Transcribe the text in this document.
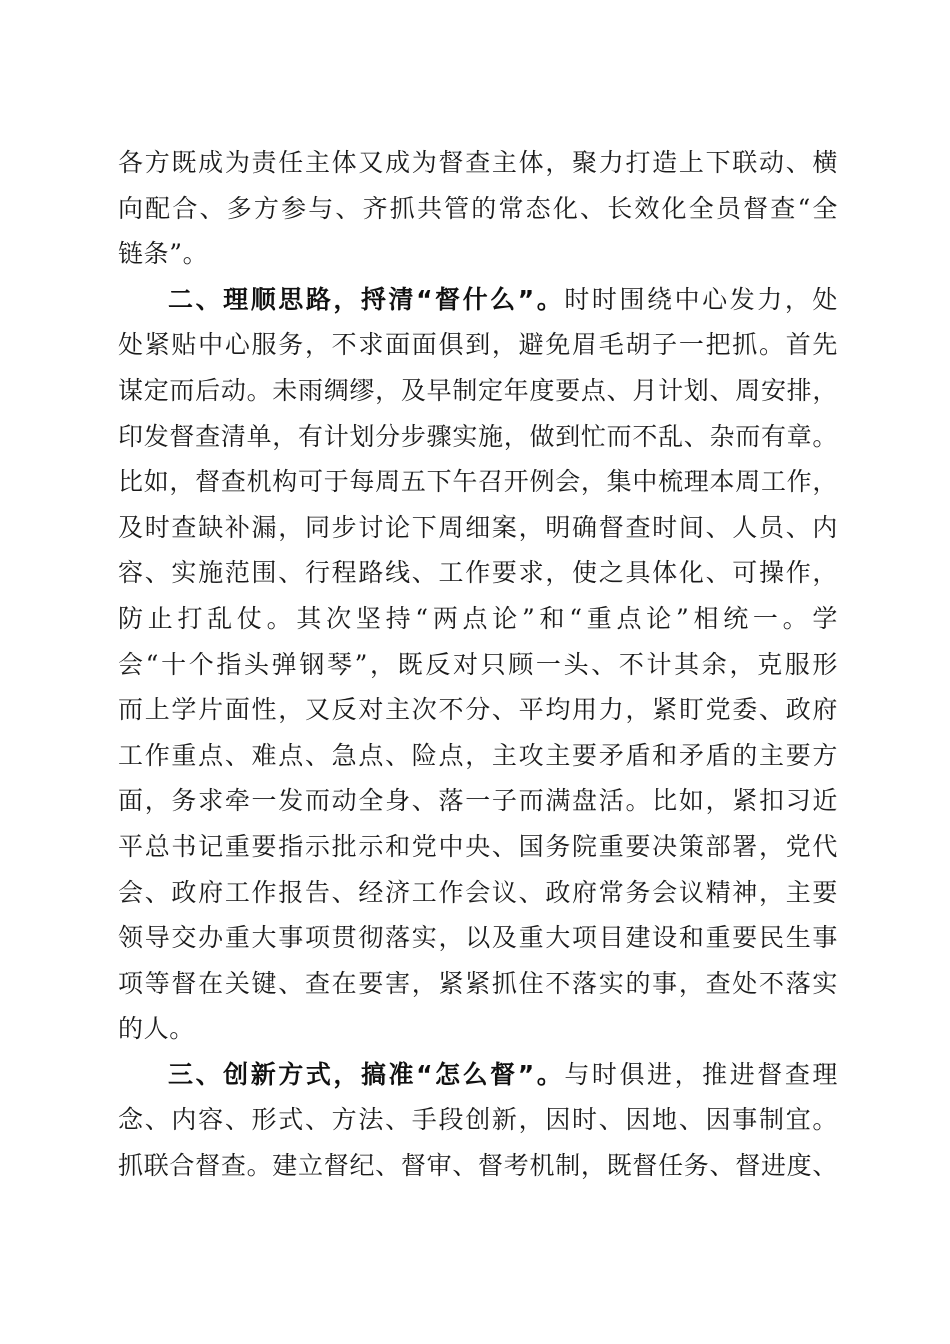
各方既成为责任主体又成为督查主体，聚力打造上下联动、横
向配合、多方参与、齐抓共管的常态化、长效化全员督查“全
链条”。
二、理顺思路，捋清“督什么”。时时围绕中心发力，处
处紧贴中心服务，不求面面俱到，避免眉毛胡子一把抓。首先
谋定而后动。未雨绸缪，及早制定年度要点、月计划、周安排，
印发督查清单，有计划分步骤实施，做到忙而不乱、杂而有章。
比如，督查机构可于每周五下午召开例会，集中梳理本周工作，
及时查缺补漏，同步讨论下周细案，明确督查时间、人员、内
容、实施范围、行程路线、工作要求，使之具体化、可操作，
防止打乱仗。其次坚持“两点论”和“重点论”相统一。学
会“十个指头弹钢琴”，既反对只顾一头、不计其余，克服形
而上学片面性，又反对主次不分、平均用力，紧盯党委、政府
工作重点、难点、急点、险点，主攻主要矛盾和矛盾的主要方
面，务求牵一发而动全身、落一子而满盘活。比如，紧扣习近
平总书记重要指示批示和党中央、国务院重要决策部署，党代
会、政府工作报告、经济工作会议、政府常务会议精神，主要
领导交办重大事项贯彻落实，以及重大项目建设和重要民生事
项等督在关键、查在要害，紧紧抓住不落实的事，查处不落实
的人。
三、创新方式，搞准“怎么督”。与时俱进，推进督查理
念、内容、形式、方法、手段创新，因时、因地、因事制宜。
抓联合督查。建立督纪、督审、督考机制，既督任务、督进度、
